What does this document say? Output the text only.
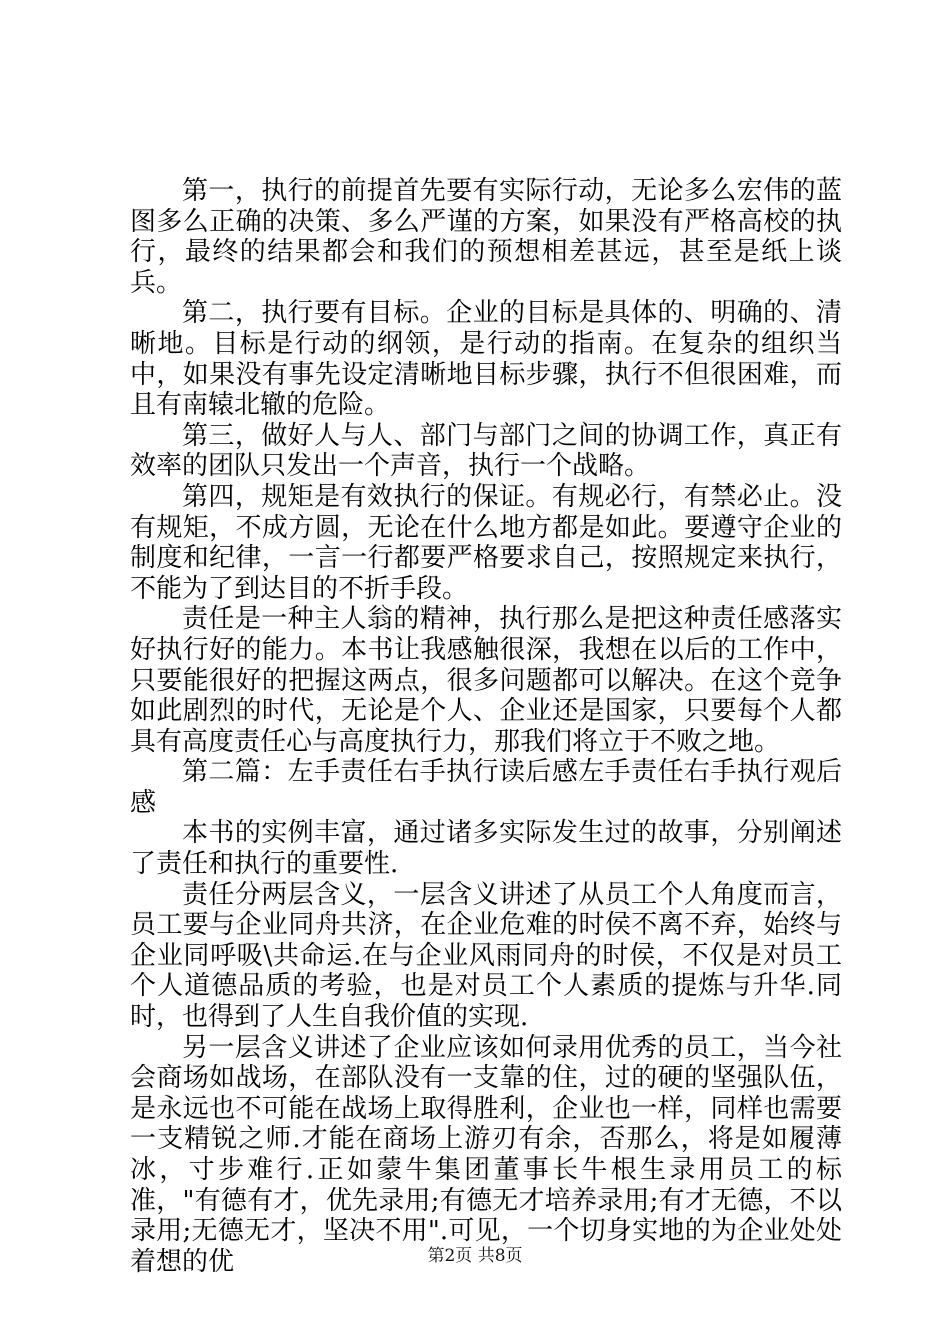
第一，执行的前提首先要有实际行动，无论多么宏伟的蓝图多么正确的决策、多么严谨的方案，如果没有严格高校的执行，最终的结果都会和我们的预想相差甚远，甚至是纸上谈兵。

第二，执行要有目标。企业的目标是具体的、明确的、清晰地。目标是行动的纲领，是行动的指南。在复杂的组织当中，如果没有事先设定清晰地目标步骤，执行不但很困难，而且有南辕北辙的危险。

第三，做好人与人、部门与部门之间的协调工作，真正有效率的团队只发出一个声音，执行一个战略。

第四，规矩是有效执行的保证。有规必行，有禁必止。没有规矩，不成方圆，无论在什么地方都是如此。要遵守企业的制度和纪律，一言一行都要严格要求自己，按照规定来执行，不能为了到达目的不折手段。

责任是一种主人翁的精神，执行那么是把这种责任感落实好执行好的能力。本书让我感触很深，我想在以后的工作中，只要能很好的把握这两点，很多问题都可以解决。在这个竞争如此剧烈的时代，无论是个人、企业还是国家，只要每个人都具有高度责任心与高度执行力，那我们将立于不败之地。

第二篇：左手责任右手执行读后感左手责任右手执行观后感

本书的实例丰富，通过诸多实际发生过的故事，分别阐述了责任和执行的重要性.

责任分两层含义，一层含义讲述了从员工个人角度而言，员工要与企业同舟共济，在企业危难的时侯不离不弃，始终与企业同呼吸\共命运.在与企业风雨同舟的时侯，不仅是对员工个人道德品质的考验，也是对员工个人素质的提炼与升华.同时，也得到了人生自我价值的实现.

另一层含义讲述了企业应该如何录用优秀的员工，当今社会商场如战场，在部队没有一支靠的住，过的硬的坚强队伍，是永远也不可能在战场上取得胜利，企业也一样，同样也需要一支精锐之师.才能在商场上游刃有余，否那么，将是如履薄冰，寸步难行.正如蒙牛集团董事长牛根生录用员工的标准，"有德有才，优先录用;有德无才培养录用;有才无德，不以录用;无德无才，坚决不用".可见，一个切身实地的为企业处处着想的优	第2页 共8页
